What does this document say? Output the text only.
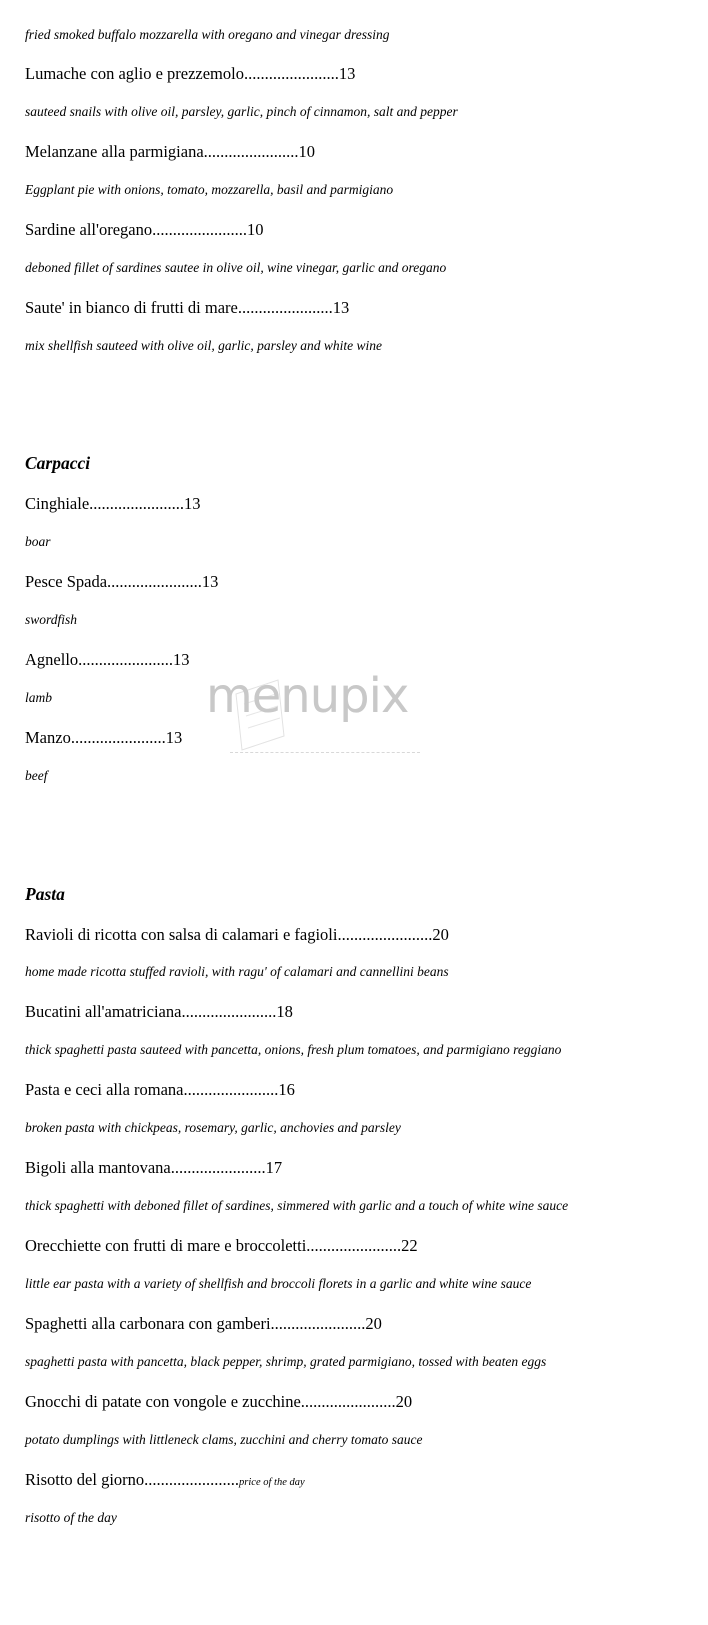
menupix
fried smoked buffalo mozzarella with oregano and vinegar dressing
Lumache con aglio e prezzemolo.......................13
sauteed snails with olive oil, parsley, garlic, pinch of cinnamon, salt and pepper
Melanzane alla parmigiana.......................10
Eggplant pie with onions, tomato, mozzarella, basil and parmigiano
Sardine all'oregano.......................10
deboned fillet of sardines sautee in olive oil, wine vinegar, garlic and oregano
Saute' in bianco di frutti di mare.......................13
mix shellfish sauteed with olive oil, garlic, parsley and white wine
Carpacci
Cinghiale.......................13
boar
Pesce Spada.......................13
swordfish
Agnello.......................13
lamb
Manzo.......................13
beef
Pasta
Ravioli di ricotta con salsa di calamari e fagioli.......................20
home made ricotta stuffed ravioli, with ragu' of calamari and cannellini beans
Bucatini all'amatriciana.......................18
thick spaghetti pasta sauteed with pancetta, onions, fresh plum tomatoes, and parmigiano reggiano
Pasta e ceci alla romana.......................16
broken pasta with chickpeas, rosemary, garlic, anchovies and parsley
Bigoli alla mantovana.......................17
thick spaghetti with deboned fillet of sardines, simmered with garlic and a touch of white wine sauce
Orecchiette con frutti di mare e broccoletti.......................22
little ear pasta with a variety of shellfish and broccoli florets in a garlic and white wine sauce
Spaghetti alla carbonara con gamberi.......................20
spaghetti pasta with pancetta, black pepper, shrimp, grated parmigiano, tossed with beaten eggs
Gnocchi di patate con vongole e zucchine.......................20
potato dumplings with littleneck clams, zucchini and cherry tomato sauce
Risotto del giorno.......................price of the day
risotto of the day
